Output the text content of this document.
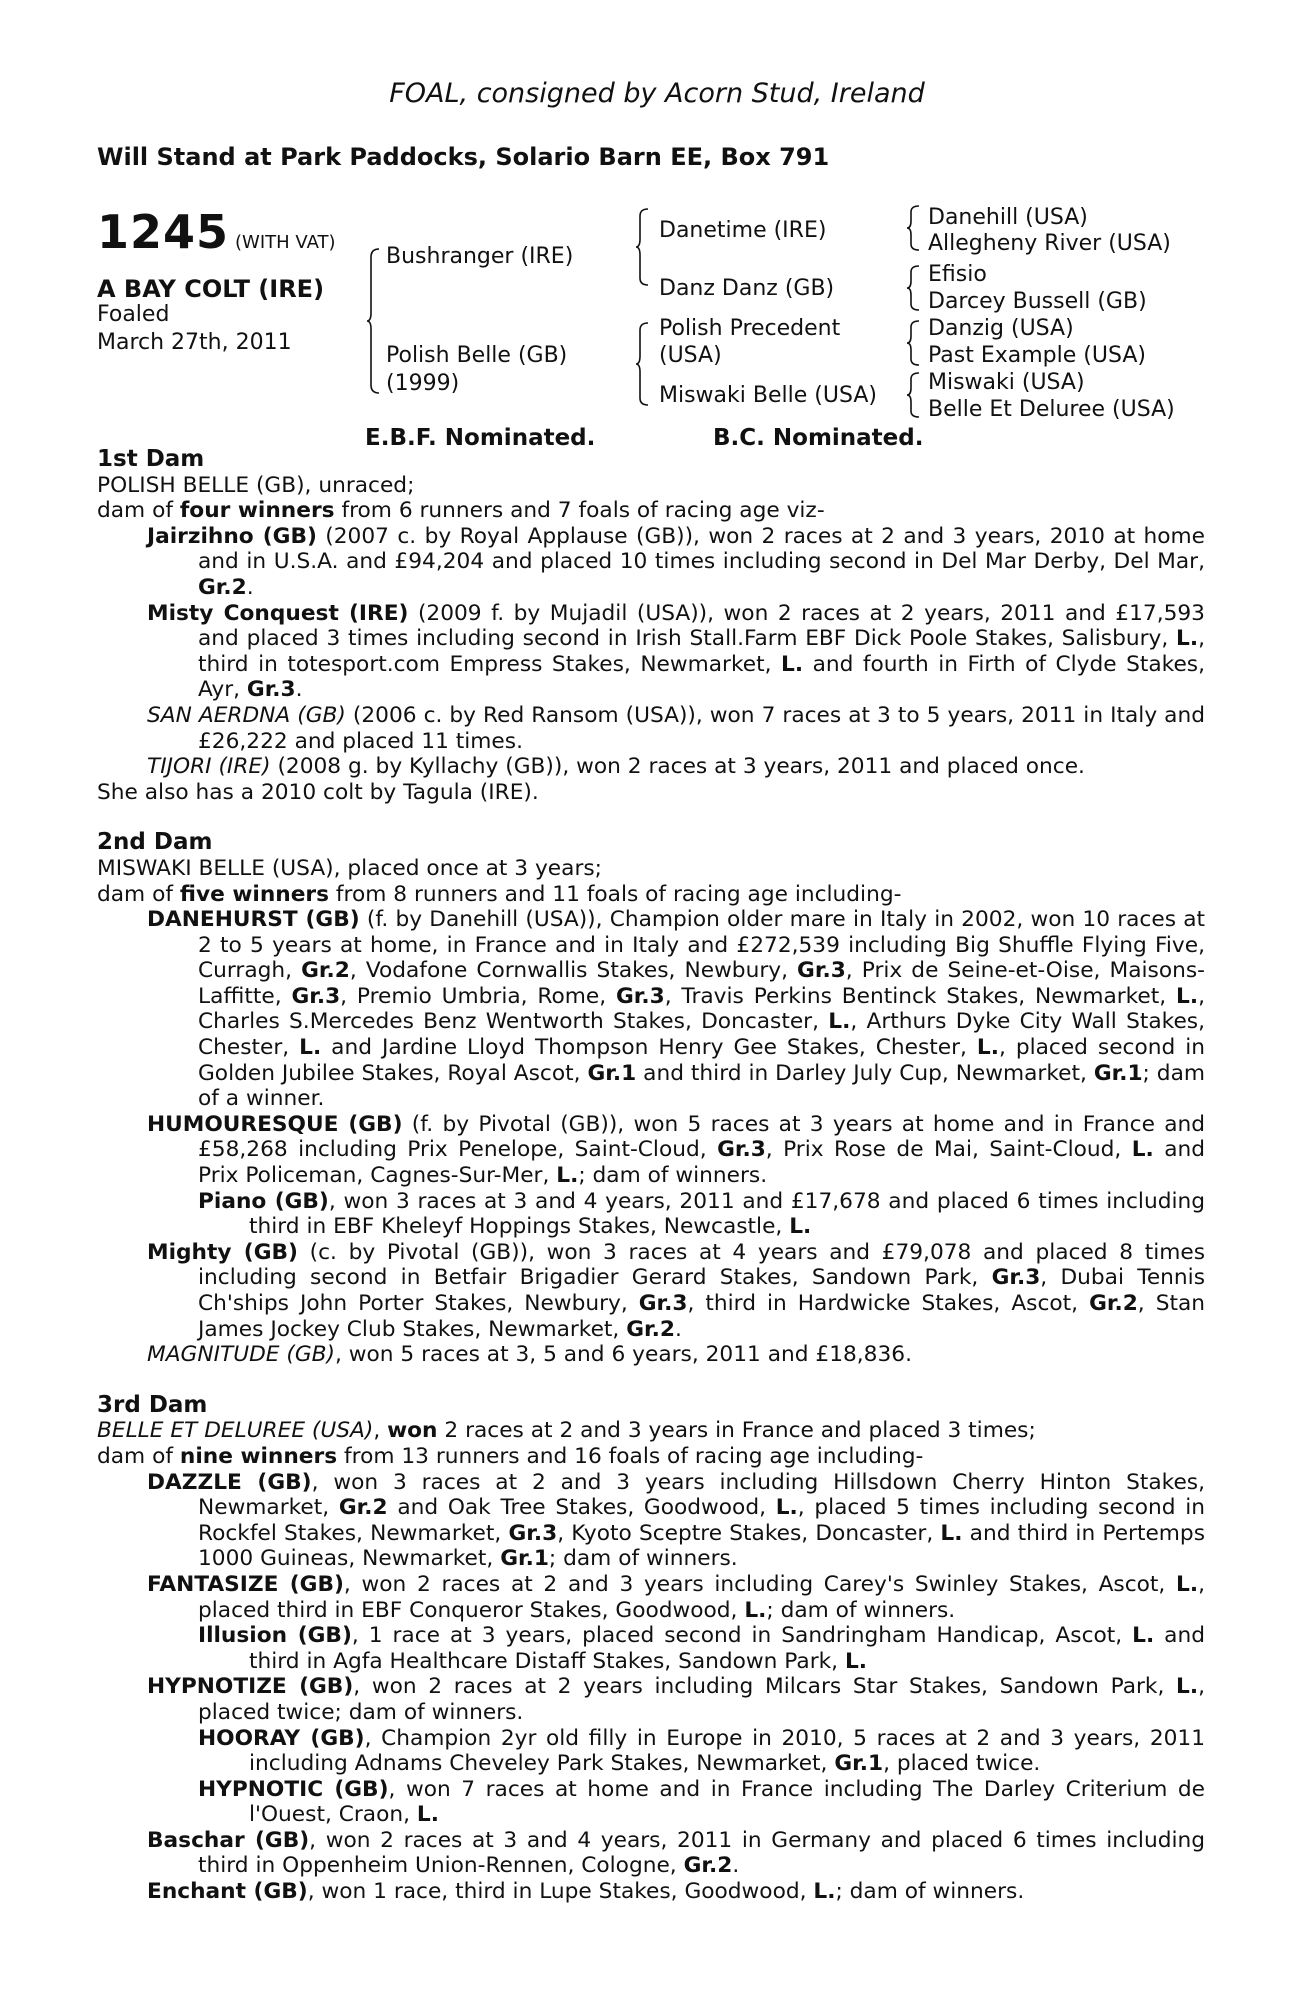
FOAL, consigned by Acorn Stud, Ireland
Will Stand at Park Paddocks, Solario Barn EE, Box 791
1245 (WITH VAT)
A BAY COLT (IRE)
Foaled
March 27th, 2011
Bushranger (IRE)
Polish Belle (GB)
(1999)
Danetime (IRE)
Danz Danz (GB)
Polish Precedent
(USA)
Miswaki Belle (USA)
Danehill (USA)
Allegheny River (USA)
Efisio
Darcey Bussell (GB)
Danzig (USA)
Past Example (USA)
Miswaki (USA)
Belle Et Deluree (USA)
E.B.F. Nominated.	B.C. Nominated.

1st Dam

POLISH BELLE (GB), unraced;

dam of four winners from 6 runners and 7 foals of racing age viz-

Jairzihno (GB) (2007 c. by Royal Applause (GB)), won 2 races at 2 and 3 years, 2010 at home and in U.S.A. and £94,204 and placed 10 times including second in Del Mar Derby, Del Mar, Gr.2.

Misty Conquest (IRE) (2009 f. by Mujadil (USA)), won 2 races at 2 years, 2011 and £17,593 and placed 3 times including second in Irish Stall.Farm EBF Dick Poole Stakes, Salisbury, L., third in totesport.com Empress Stakes, Newmarket, L. and fourth in Firth of Clyde Stakes, Ayr, Gr.3.

SAN AERDNA (GB) (2006 c. by Red Ransom (USA)), won 7 races at 3 to 5 years, 2011 in Italy and £26,222 and placed 11 times.

TIJORI (IRE) (2008 g. by Kyllachy (GB)), won 2 races at 3 years, 2011 and placed once.

She also has a 2010 colt by Tagula (IRE).

2nd Dam

MISWAKI BELLE (USA), placed once at 3 years;

dam of five winners from 8 runners and 11 foals of racing age including-

DANEHURST (GB) (f. by Danehill (USA)), Champion older mare in Italy in 2002, won 10 races at 2 to 5 years at home, in France and in Italy and £272,539 including Big Shuffle Flying Five, Curragh, Gr.2, Vodafone Cornwallis Stakes, Newbury, Gr.3, Prix de Seine-et-Oise, Maisons-Laffitte, Gr.3, Premio Umbria, Rome, Gr.3, Travis Perkins Bentinck Stakes, Newmarket, L., Charles S.Mercedes Benz Wentworth Stakes, Doncaster, L., Arthurs Dyke City Wall Stakes, Chester, L. and Jardine Lloyd Thompson Henry Gee Stakes, Chester, L., placed second in Golden Jubilee Stakes, Royal Ascot, Gr.1 and third in Darley July Cup, Newmarket, Gr.1; dam of a winner.

HUMOURESQUE (GB) (f. by Pivotal (GB)), won 5 races at 3 years at home and in France and £58,268 including Prix Penelope, Saint-Cloud, Gr.3, Prix Rose de Mai, Saint-Cloud, L. and Prix Policeman, Cagnes-Sur-Mer, L.; dam of winners.

Piano (GB), won 3 races at 3 and 4 years, 2011 and £17,678 and placed 6 times including third in EBF Kheleyf Hoppings Stakes, Newcastle, L.

Mighty (GB) (c. by Pivotal (GB)), won 3 races at 4 years and £79,078 and placed 8 times including second in Betfair Brigadier Gerard Stakes, Sandown Park, Gr.3, Dubai Tennis Ch'ships John Porter Stakes, Newbury, Gr.3, third in Hardwicke Stakes, Ascot, Gr.2, Stan James Jockey Club Stakes, Newmarket, Gr.2.

MAGNITUDE (GB), won 5 races at 3, 5 and 6 years, 2011 and £18,836.

3rd Dam

BELLE ET DELUREE (USA), won 2 races at 2 and 3 years in France and placed 3 times;

dam of nine winners from 13 runners and 16 foals of racing age including-

DAZZLE (GB), won 3 races at 2 and 3 years including Hillsdown Cherry Hinton Stakes, Newmarket, Gr.2 and Oak Tree Stakes, Goodwood, L., placed 5 times including second in Rockfel Stakes, Newmarket, Gr.3, Kyoto Sceptre Stakes, Doncaster, L. and third in Pertemps 1000 Guineas, Newmarket, Gr.1; dam of winners.

FANTASIZE (GB), won 2 races at 2 and 3 years including Carey's Swinley Stakes, Ascot, L., placed third in EBF Conqueror Stakes, Goodwood, L.; dam of winners.

Illusion (GB), 1 race at 3 years, placed second in Sandringham Handicap, Ascot, L. and third in Agfa Healthcare Distaff Stakes, Sandown Park, L.

HYPNOTIZE (GB), won 2 races at 2 years including Milcars Star Stakes, Sandown Park, L., placed twice; dam of winners.

HOORAY (GB), Champion 2yr old filly in Europe in 2010, 5 races at 2 and 3 years, 2011 including Adnams Cheveley Park Stakes, Newmarket, Gr.1, placed twice.

HYPNOTIC (GB), won 7 races at home and in France including The Darley Criterium de l'Ouest, Craon, L.

Baschar (GB), won 2 races at 3 and 4 years, 2011 in Germany and placed 6 times including third in Oppenheim Union-Rennen, Cologne, Gr.2.

Enchant (GB), won 1 race, third in Lupe Stakes, Goodwood, L.; dam of winners.
